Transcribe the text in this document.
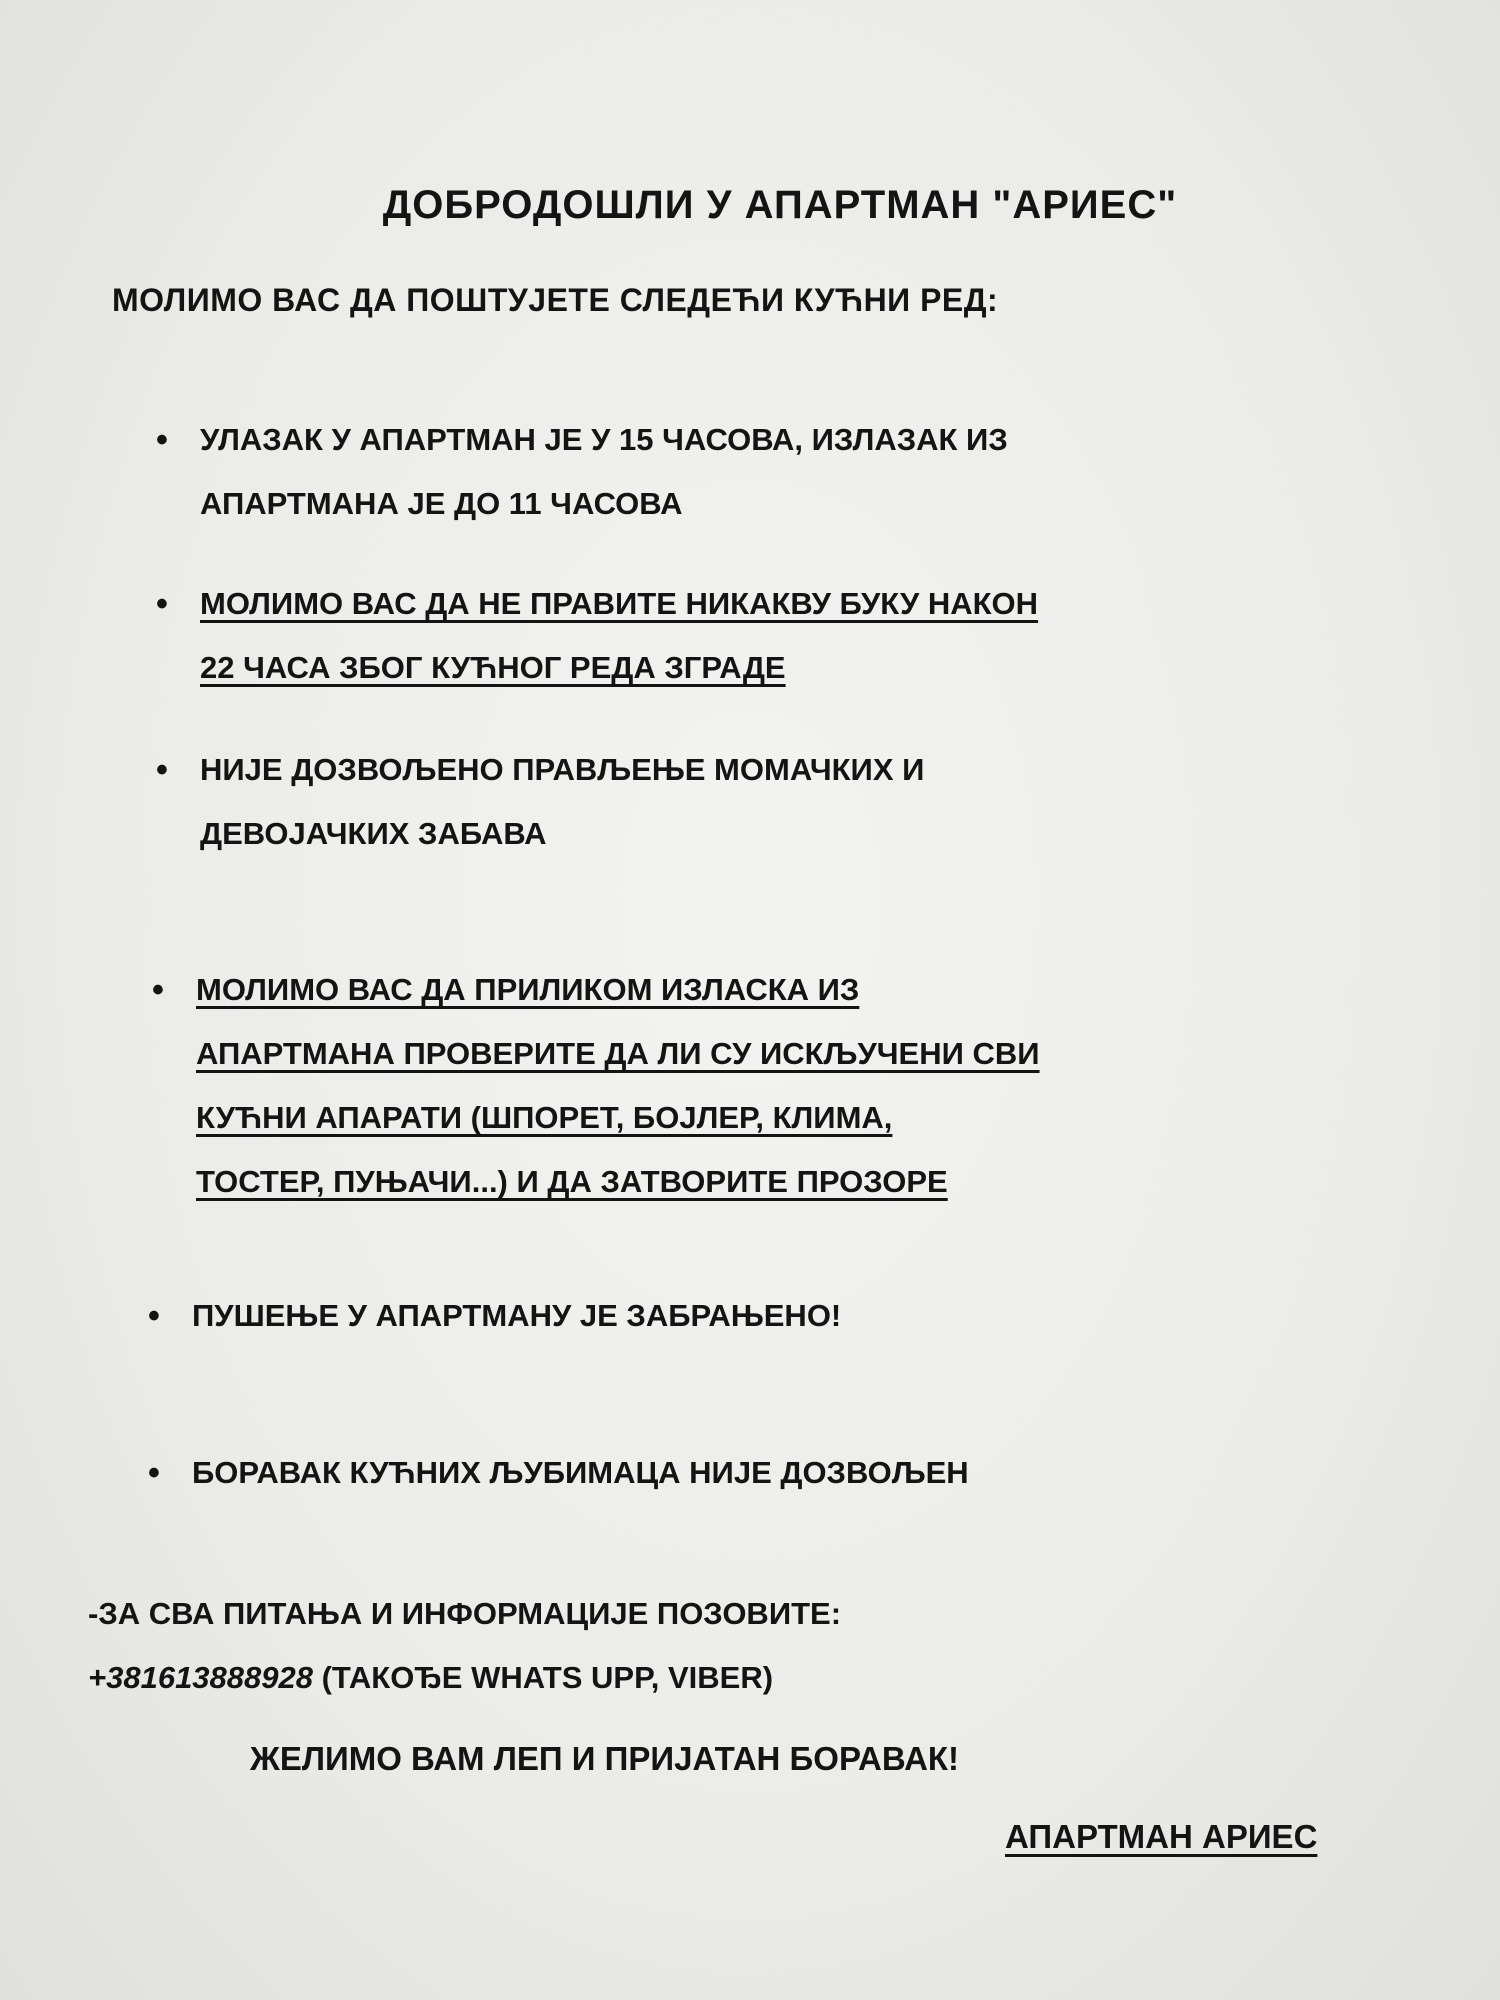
ДОБРОДОШЛИ У АПАРТМАН "АРИЕС"
МОЛИМО ВАС ДА ПОШТУЈЕТЕ СЛЕДЕЋИ КУЋНИ РЕД:
• УЛАЗАК У АПАРТМАН ЈЕ У 15 ЧАСОВА, ИЗЛАЗАК ИЗ
АПАРТМАНА ЈЕ ДО 11 ЧАСОВА
• МОЛИМО ВАС ДА НЕ ПРАВИТЕ НИКАКВУ БУКУ НАКОН
22 ЧАСА ЗБОГ КУЋНОГ РЕДА ЗГРАДЕ
• НИЈЕ ДОЗВОЉЕНО ПРАВЉЕЊЕ МОМАЧКИХ И
ДЕВОЈАЧКИХ ЗАБАВА
• МОЛИМО ВАС ДА ПРИЛИКОМ ИЗЛАСКА ИЗ
АПАРТМАНА ПРОВЕРИТЕ ДА ЛИ СУ ИСКЉУЧЕНИ СВИ
КУЋНИ АПАРАТИ (ШПОРЕТ, БОЈЛЕР, КЛИМА,
ТОСТЕР, ПУЊАЧИ...) И ДА ЗАТВОРИТЕ ПРОЗОРЕ
• ПУШЕЊЕ У АПАРТМАНУ ЈЕ ЗАБРАЊЕНО!
• БОРАВАК КУЋНИХ ЉУБИМАЦА НИЈЕ ДОЗВОЉЕН
-ЗА СВА ПИТАЊА И ИНФОРМАЦИЈЕ ПОЗОВИТЕ:
+381613888928 (ТАКОЂЕ WHATS UPP, VIBER)
ЖЕЛИМО ВАМ ЛЕП И ПРИЈАТАН БОРАВАК!
АПАРТМАН АРИЕС
